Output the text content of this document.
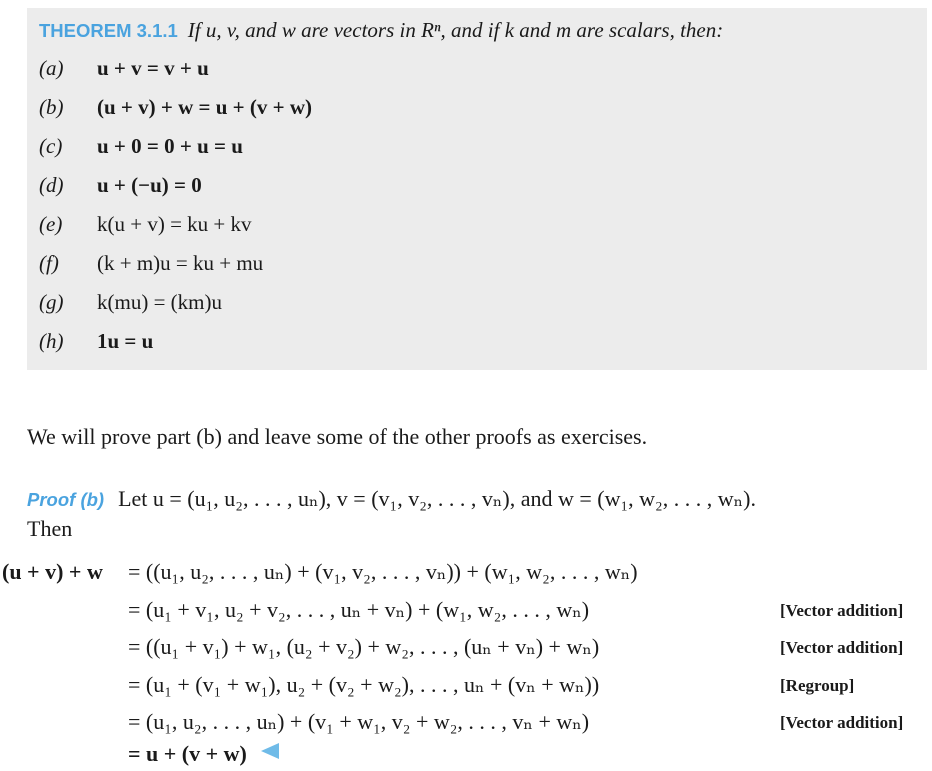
THEOREM 3.1.1 If u, v, and w are vectors in Rⁿ, and if k and m are scalars, then:
(a) u + v = v + u
(b) (u + v) + w = u + (v + w)
(c) u + 0 = 0 + u = u
(d) u + (−u) = 0
(e) k(u + v) = ku + kv
(f) (k + m)u = ku + mu
(g) k(mu) = (km)u
(h) 1u = u
We will prove part (b) and leave some of the other proofs as exercises.
Proof (b) Let u = (u₁, u₂, . . . , uₙ), v = (v₁, v₂, . . . , vₙ), and w = (w₁, w₂, . . . , wₙ).
Then
(u + v) + w = ((u₁, u₂, . . . , uₙ) + (v₁, v₂, . . . , vₙ)) + (w₁, w₂, . . . , wₙ)
= (u₁ + v₁, u₂ + v₂, . . . , uₙ + vₙ) + (w₁, w₂, . . . , wₙ)	[Vector addition]
= ((u₁ + v₁) + w₁, (u₂ + v₂) + w₂, . . . , (uₙ + vₙ) + wₙ)	[Vector addition]
= (u₁ + (v₁ + w₁), u₂ + (v₂ + w₂), . . . , uₙ + (vₙ + wₙ))	[Regroup]
= (u₁, u₂, . . . , uₙ) + (v₁ + w₁, v₂ + w₂, . . . , vₙ + wₙ)	[Vector addition]
= u + (v + w)
